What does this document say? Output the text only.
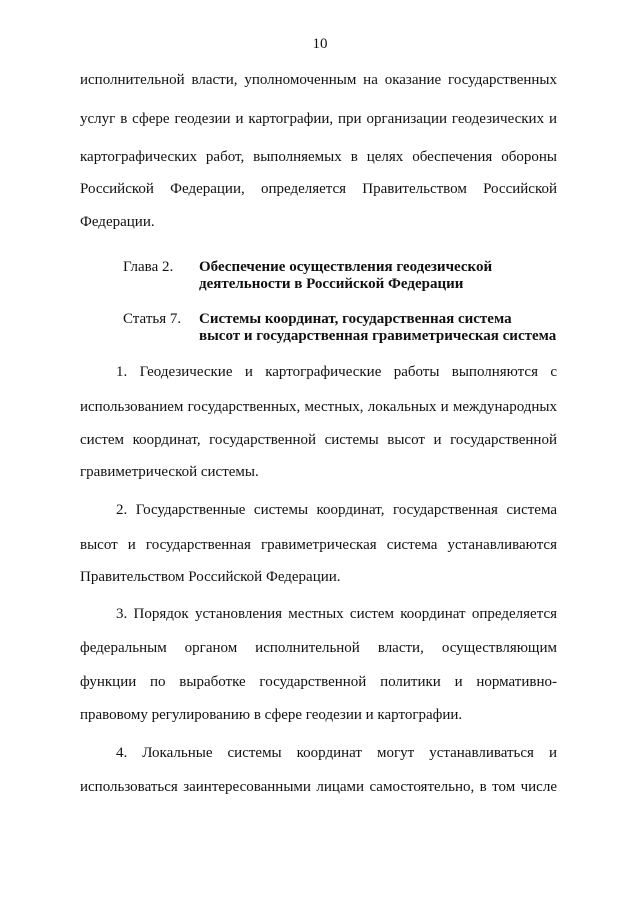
10
исполнительной власти, уполномоченным на оказание государственных
услуг в сфере геодезии и картографии, при организации геодезических и
картографических работ, выполняемых в целях обеспечения обороны
Российской Федерации, определяется Правительством Российской
Федерации.
Глава 2. Обеспечение осуществления геодезической
деятельности в Российской Федерации
Статья 7. Системы координат, государственная система
высот и государственная гравиметрическая система
1. Геодезические и картографические работы выполняются с
использованием государственных, местных, локальных и международных
систем координат, государственной системы высот и государственной
гравиметрической системы.
2. Государственные системы координат, государственная система
высот и государственная гравиметрическая система устанавливаются
Правительством Российской Федерации.
3. Порядок установления местных систем координат определяется
федеральным органом исполнительной власти, осуществляющим
функции по выработке государственной политики и нормативно-
правовому регулированию в сфере геодезии и картографии.
4. Локальные системы координат могут устанавливаться и
использоваться заинтересованными лицами самостоятельно, в том числе
